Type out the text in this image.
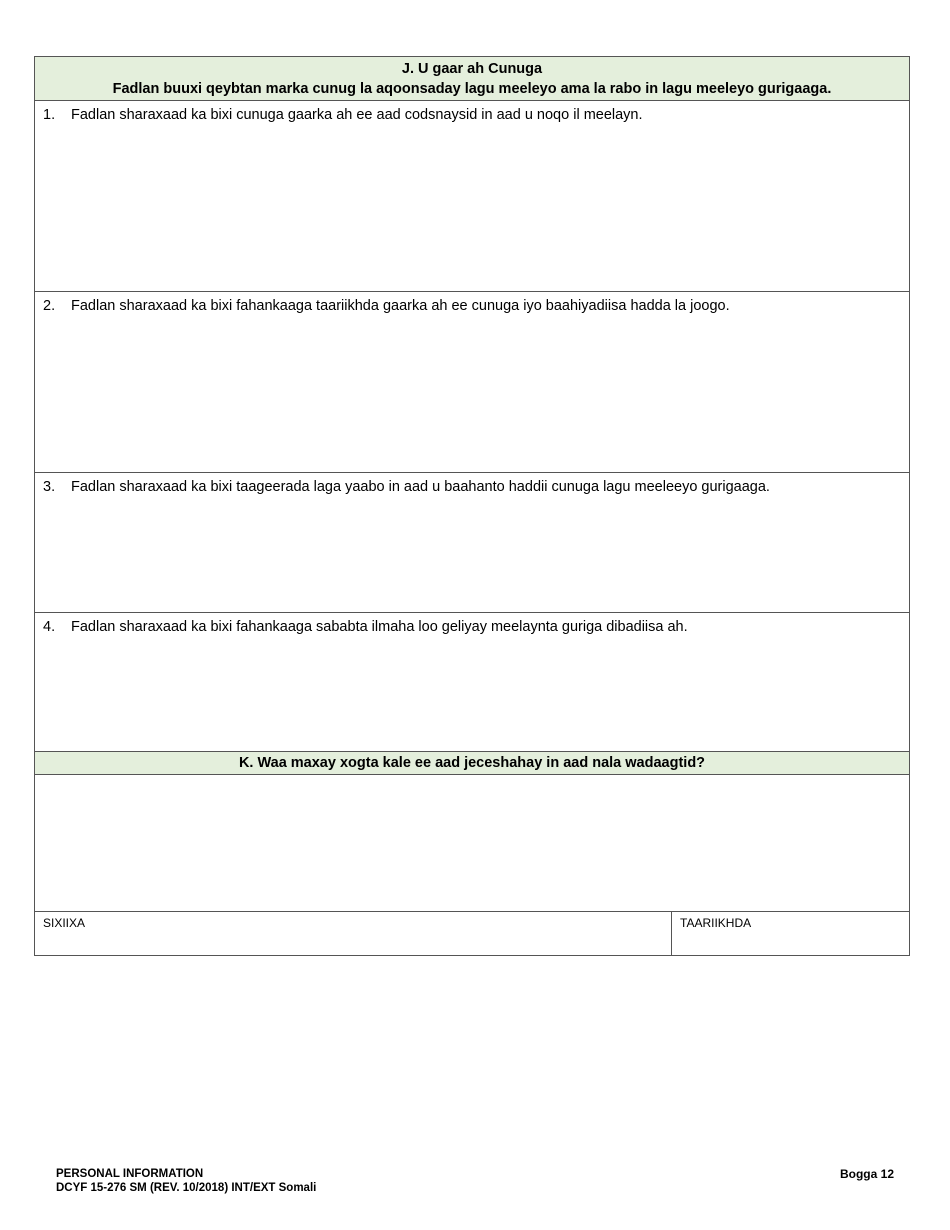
J. U gaar ah Cunuga
Fadlan buuxi qeybtan marka cunug la aqoonsaday lagu meeleyo ama la rabo in lagu meeleyo gurigaaga.
1.	Fadlan sharaxaad ka bixi cunuga gaarka ah ee aad codsnaysid in aad u noqo il meelayn.
2.	Fadlan sharaxaad ka bixi fahankaaga taariikhda gaarka ah ee cunuga iyo baahiyadiisa hadda la joogo.
3.	Fadlan sharaxaad ka bixi taageerada laga yaabo in aad u baahanto haddii cunuga lagu meeleeyo gurigaaga.
4.	Fadlan sharaxaad ka bixi fahankaaga sababta ilmaha loo geliyay meelaynta guriga dibadiisa ah.
K. Waa maxay xogta kale ee aad jeceshahay in aad nala wadaagtid?
SIXIIXA	TAARIIKHDA
PERSONAL INFORMATION
DCYF 15-276 SM (REV. 10/2018) INT/EXT Somali
Bogga 12
